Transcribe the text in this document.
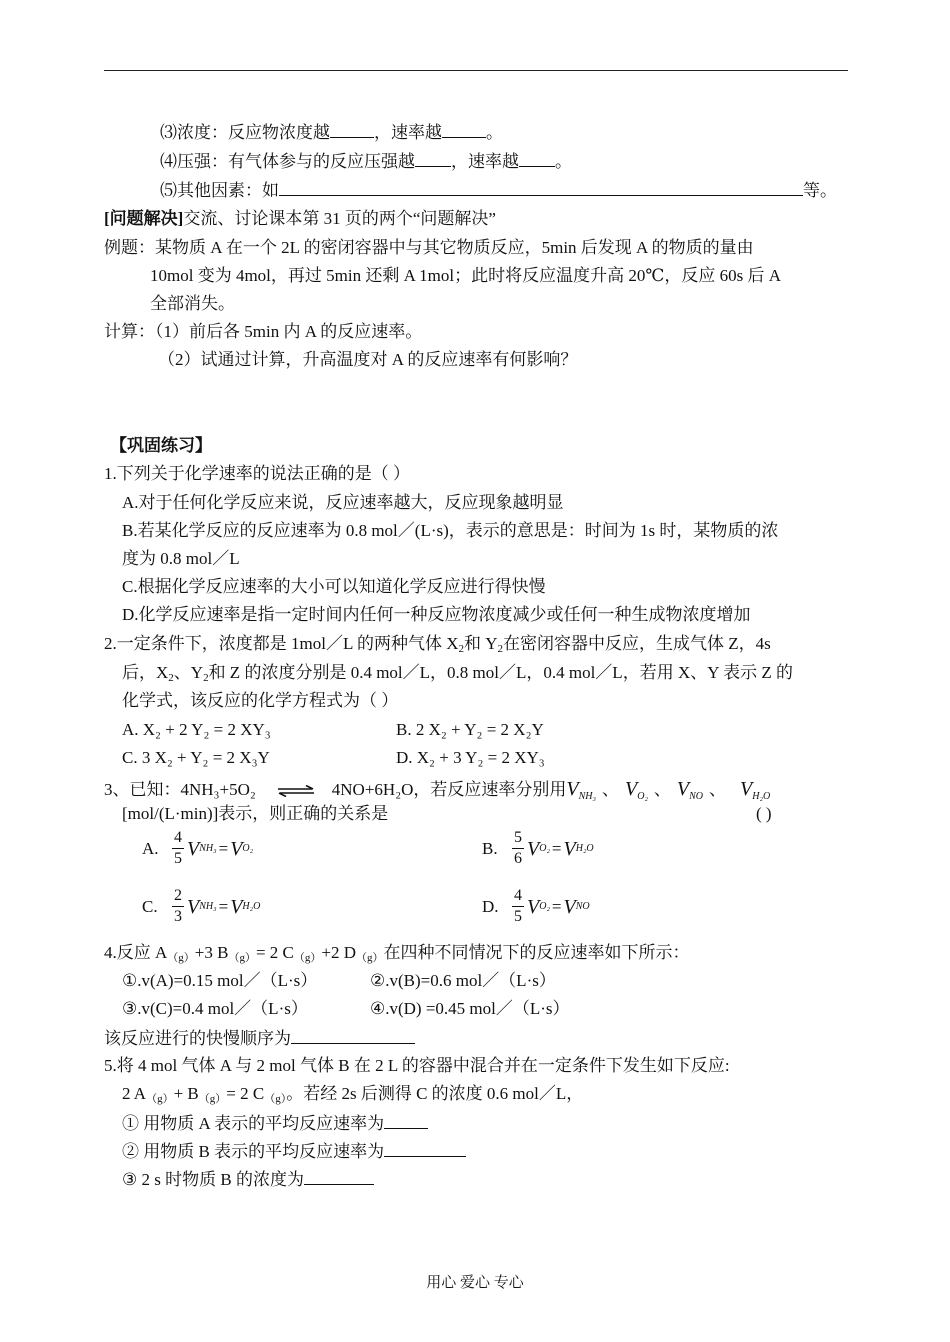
⑶浓度：反应物浓度越	，速率越	。
⑷压强：有气体参与的反应压强越 ，速率越 。
⑸其他因素：如	等。
[问题解决]交流、讨论课本第 31 页的两个“问题解决”
例题：某物质 A 在一个 2L 的密闭容器中与其它物质反应，5min 后发现 A 的物质的量由
10mol 变为 4mol，再过 5min 还剩 A 1mol；此时将反应温度升高 20℃，反应 60s 后 A
全部消失。
计算：（1）前后各 5min 内 A 的反应速率。
（2）试通过计算，升高温度对 A 的反应速率有何影响？
【巩固练习】
1.下列关于化学速率的说法正确的是（ ）
A.对于任何化学反应来说，反应速率越大，反应现象越明显
B.若某化学反应的反应速率为 0.8 mol／(L·s)，表示的意思是：时间为 1s 时，某物质的浓
度为 0.8 mol／L
C.根据化学反应速率的大小可以知道化学反应进行得快慢
D.化学反应速率是指一定时间内任何一种反应物浓度减少或任何一种生成物浓度增加
2.一定条件下，浓度都是 1mol／L 的两种气体 $X_2$和 $Y_2$在密闭容器中反应，生成气体 Z，4s
后，$X_2$、$Y_2$和 Z 的浓度分别是 0.4 mol／L，0.8 mol／L，0.4 mol／L，若用 X、Y 表示 Z 的
化学式，该反应的化学方程式为（ ）
A. X₂ + 2 Y₂ = 2 XY₃	B. 2 X₂ + Y₂ = 2 X₂Y
C. 3 X₂ + Y₂ = 2 X₃Y	D. X₂ + 3 Y₂ = 2 XY₃
3、已知：4NH₃+5O₂ ⇌ 4NO+6H₂O，若反应速率分别用$V_{NH_3}$ 、 $V_{O_2}$ 、 $V_{NO}$ 、 $V_{H_2O}$
[mol/(L·min)]表示，则正确的关系是	( )
A. $\frac{4}{5}$ V NH₃ = V O₂	B. $\frac{5}{6}$ V O₂ = V H₂O
C. $\frac{2}{3}$ V NH₃ = V H₂O	D. $\frac{4}{5}$ V O₂ = V NO
4.反应 $A_{(g)}+3$ $B_{(g)}= 2$ $C_{(g)}+2$ $D_{(g)}$在四种不同情况下的反应速率如下所示：
①.v(A)=0.15 mol／（L·s）	②.v(B)=0.6 mol／（L·s）
③.v(C)=0.4 mol／（L·s）	④.v(D) =0.45 mol／（L·s）
该反应进行的快慢顺序为
5.将 4 mol 气体 A 与 2 mol 气体 B 在 2 L 的容器中混合并在一定条件下发生如下反应:
2 $A_{(g)}+ B_{(g)}= 2$ $C_{(g)}$。若经 2s 后测得 C 的浓度 0.6 mol／L，
① 用物质 A 表示的平均反应速率为
② 用物质 B 表示的平均反应速率为
③ 2 s 时物质 B 的浓度为
用心 爱心 专心
